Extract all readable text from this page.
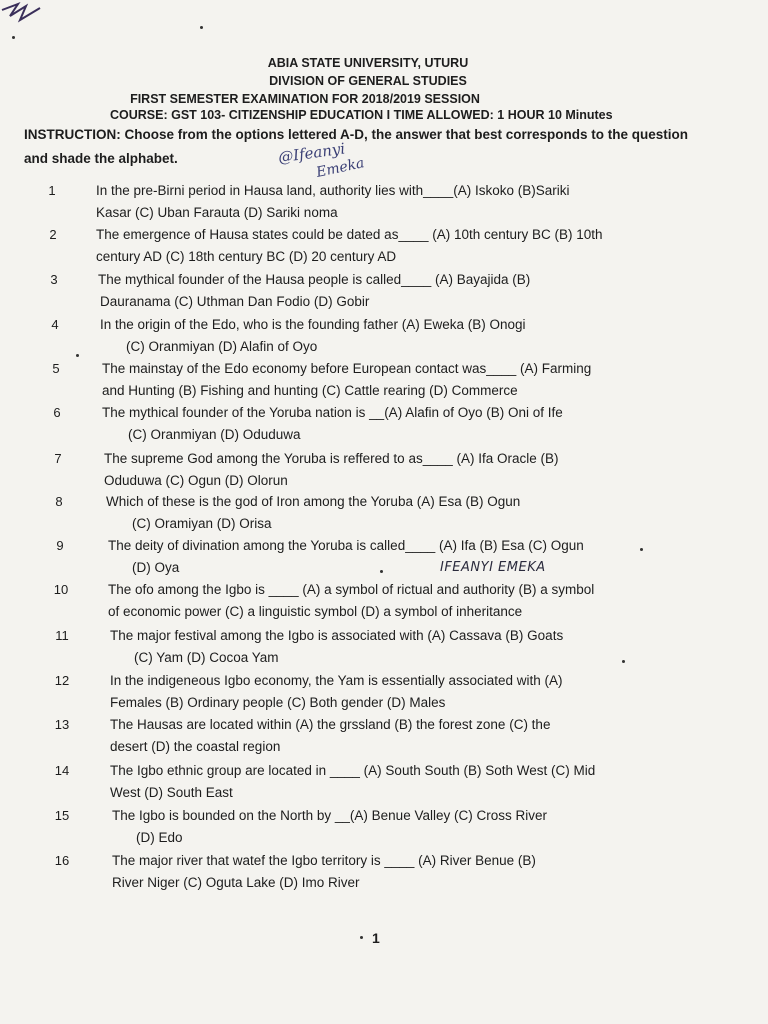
ABIA STATE UNIVERSITY, UTURU
DIVISION OF GENERAL STUDIES
FIRST SEMESTER EXAMINATION FOR 2018/2019 SESSION
COURSE: GST 103- CITIZENSHIP EDUCATION I TIME ALLOWED: 1 HOUR 10 Minutes
INSTRUCTION: Choose from the options lettered A-D, the answer that best corresponds to the question and shade the alphabet.	@Ifeanyi
Emeka
IFEANYI EMEKA
1	In the pre-Birni period in Hausa land, authority lies with____(A) Iskoko (B)Sariki
Kasar (C) Uban Farauta (D) Sariki noma
2	The emergence of Hausa states could be dated as____ (A) 10th century BC (B) 10th
century AD (C) 18th century BC (D) 20 century AD
3	The mythical founder of the Hausa people is called____ (A) Bayajida (B)
Dauranama (C) Uthman Dan Fodio (D) Gobir
4	In the origin of the Edo, who is the founding father (A) Eweka (B) Onogi
(C) Oranmiyan (D) Alafin of Oyo
5	The mainstay of the Edo economy before European contact was____ (A) Farming
and Hunting (B) Fishing and hunting (C) Cattle rearing (D) Commerce
6	The mythical founder of the Yoruba nation is __(A) Alafin of Oyo (B) Oni of Ife
(C) Oranmiyan (D) Oduduwa
7	The supreme God among the Yoruba is reffered to as____ (A) Ifa Oracle (B)
Oduduwa (C) Ogun (D) Olorun
8	Which of these is the god of Iron among the Yoruba (A) Esa (B) Ogun
(C) Oramiyan (D) Orisa
9	The deity of divination among the Yoruba is called____ (A) Ifa (B) Esa (C) Ogun
(D) Oya
10	The ofo among the Igbo is ____ (A) a symbol of rictual and authority (B) a symbol
of economic power (C) a linguistic symbol (D) a symbol of inheritance
11	The major festival among the Igbo is associated with (A) Cassava (B) Goats
(C) Yam (D) Cocoa Yam
12	In the indigeneous Igbo economy, the Yam is essentially associated with (A)
Females (B) Ordinary people (C) Both gender (D) Males
13	The Hausas are located within (A) the grssland (B) the forest zone (C) the
desert (D) the coastal region
14	The Igbo ethnic group are located in ____ (A) South South (B) Soth West (C) Mid
West (D) South East
15	The Igbo is bounded on the North by __(A) Benue Valley (C) Cross River
(D) Edo
16	The major river that watef the Igbo territory is ____ (A) River Benue (B)
River Niger (C) Oguta Lake (D) Imo River
1
